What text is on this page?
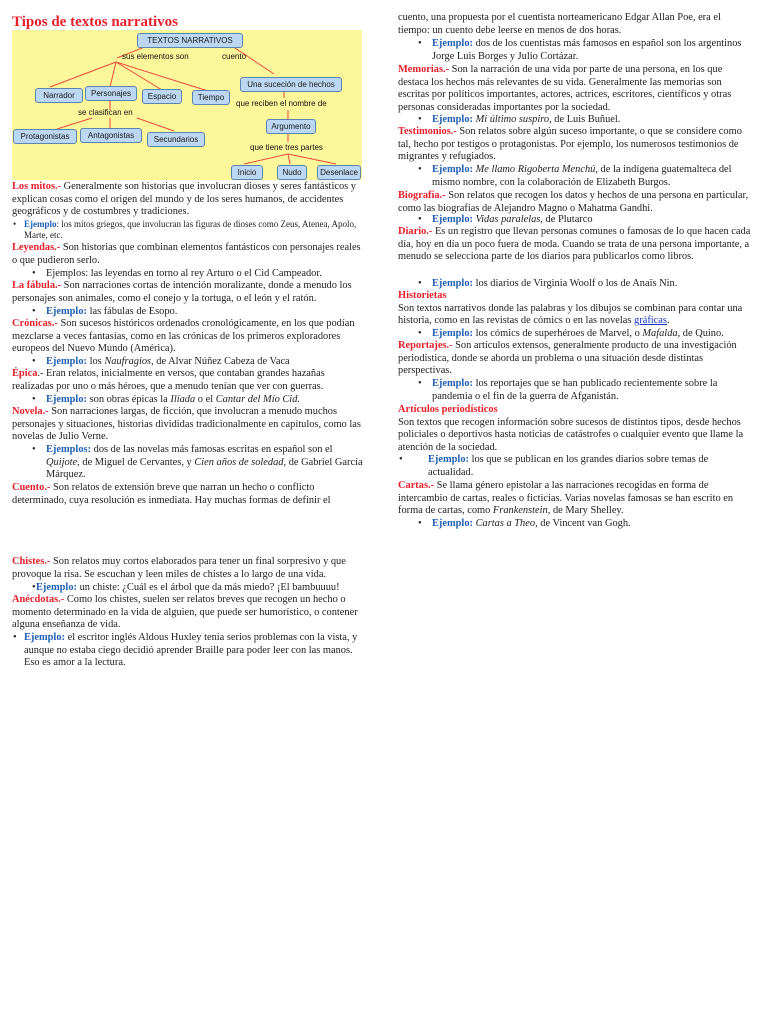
Tipos de textos narrativos
TEXTOS NARRATIVOS
sus elementos son	cuento
Narrador	Personajes	Espacio	Tiempo
se clasifican en
Protagonistas	Antagonistas	Secundarios
Una suceción de hechos
que reciben el nombre de
Argumento
que tiene tres partes
Inicio	Nudo	Desenlace

Los mitos.- Generalmente son historias que involucran dioses y seres fantásticos y explican cosas como el origen del mundo y de los seres humanos, de accidentes geográficos y de costumbres y tradiciones.

• Ejemplo: los mitos griegos, que involucran las figuras de dioses como Zeus, Atenea, Apolo, Marte, etc.

Leyendas.- Son historias que combinan elementos fantásticos con personajes reales o que pudieron serlo.

• Ejemplos: las leyendas en torno al rey Arturo o el Cid Campeador.

La fábula.- Son narraciones cortas de intención moralizante, donde a menudo los personajes son animales, como el conejo y la tortuga, o el león y el ratón.

• Ejemplo: las fábulas de Esopo.

Crónicas.- Son sucesos históricos ordenados cronológicamente, en los que podían mezclarse a veces fantasías, como en las crónicas de los primeros exploradores europeos del Nuevo Mundo (América).

• Ejemplo: los Naufragios, de Alvar Núñez Cabeza de Vaca

Épica.- Eran relatos, inicialmente en versos, que contaban grandes hazañas realizadas por uno o más héroes, que a menudo tenían que ver con guerras.

• Ejemplo: son obras épicas la Ilíada o el Cantar del Mío Cid.

Novela.- Son narraciones largas, de ficción, que involucran a menudo muchos personajes y situaciones, historias divididas tradicionalmente en capítulos, como las novelas de Julio Verne.

• Ejemplos: dos de las novelas más famosas escritas en español son el Quijote, de Miguel de Cervantes, y Cien años de soledad, de Gabriel García Márquez.

Cuento.- Son relatos de extensión breve que narran un hecho o conflicto determinado, cuya resolución es inmediata. Hay muchas formas de definir el

Chistes.- Son relatos muy cortos elaborados para tener un final sorpresivo y que provoque la risa. Se escuchan y leen miles de chistes a lo largo de una vida.

• Ejemplo: un chiste: ¿Cuál es el árbol que da más miedo? ¡El bambuuuu!

Anécdotas.- Como los chistes, suelen ser relatos breves que recogen un hecho o momento determinado en la vida de alguien, que puede ser humorístico, o contener alguna enseñanza de vida.

• Ejemplo: el escritor inglés Aldous Huxley tenía serios problemas con la vista, y aunque no estaba ciego decidió aprender Braille para poder leer con las manos. Eso es amor a la lectura.

cuento, una propuesta por el cuentista norteamericano Edgar Allan Poe, era el tiempo: un cuento debe leerse en menos de dos horas.

• Ejemplo: dos de los cuentistas más famosos en español son los argentinos Jorge Luis Borges y Julio Cortázar.

Memorias.- Son la narración de una vida por parte de una persona, en los que destaca los hechos más relevantes de su vida. Generalmente las memorias son escritas por políticos importantes, actores, actrices, escritores, científicos y otras personas consideradas importantes por la sociedad.

• Ejemplo: Mi último suspiro, de Luis Buñuel.

Testimonios.- Son relatos sobre algún suceso importante, o que se considere como tal, hecho por testigos o protagonistas. Por ejemplo, los numerosos testimonios de migrantes y refugiados.

• Ejemplo: Me llamo Rigoberta Menchú, de la indígena guatemalteca del mismo nombre, con la colaboración de Elizabeth Burgos.

Biografía.- Son relatos que recogen los datos y hechos de una persona en particular, como las biografías de Alejandro Magno o Mahatma Gandhi.

• Ejemplo: Vidas paralelas, de Plutarco

Diario.- Es un registro que llevan personas comunes o famosas de lo que hacen cada día, hoy en día un poco fuera de moda. Cuando se trata de una persona importante, a menudo se selecciona parte de los diarios para publicarlos como libros.

• Ejemplo: los diarios de Virginia Woolf o los de Anaïs Nin.

Historietas
Son textos narrativos donde las palabras y los dibujos se combinan para contar una historia, como en las revistas de cómics o en las novelas gráficas.

• Ejemplo: los cómics de superhéroes de Marvel, o Mafalda, de Quino.

Reportajes.- Son artículos extensos, generalmente producto de una investigación periodística, donde se aborda un problema o una situación desde distintas perspectivas.

• Ejemplo: los reportajes que se han publicado recientemente sobre la pandemia o el fin de la guerra de Afganistán.

Artículos periodísticos
Son textos que recogen información sobre sucesos de distintos tipos, desde hechos policiales o deportivos hasta noticias de catástrofes o cualquier evento que llame la atención de la sociedad.

• Ejemplo: los que se publican en los grandes diarios sobre temas de actualidad.

Cartas.- Se llama género epistolar a las narraciones recogidas en forma de intercambio de cartas, reales o ficticias. Varias novelas famosas se han escrito en forma de cartas, como Frankenstein, de Mary Shelley.

• Ejemplo: Cartas a Theo, de Vincent van Gogh.
